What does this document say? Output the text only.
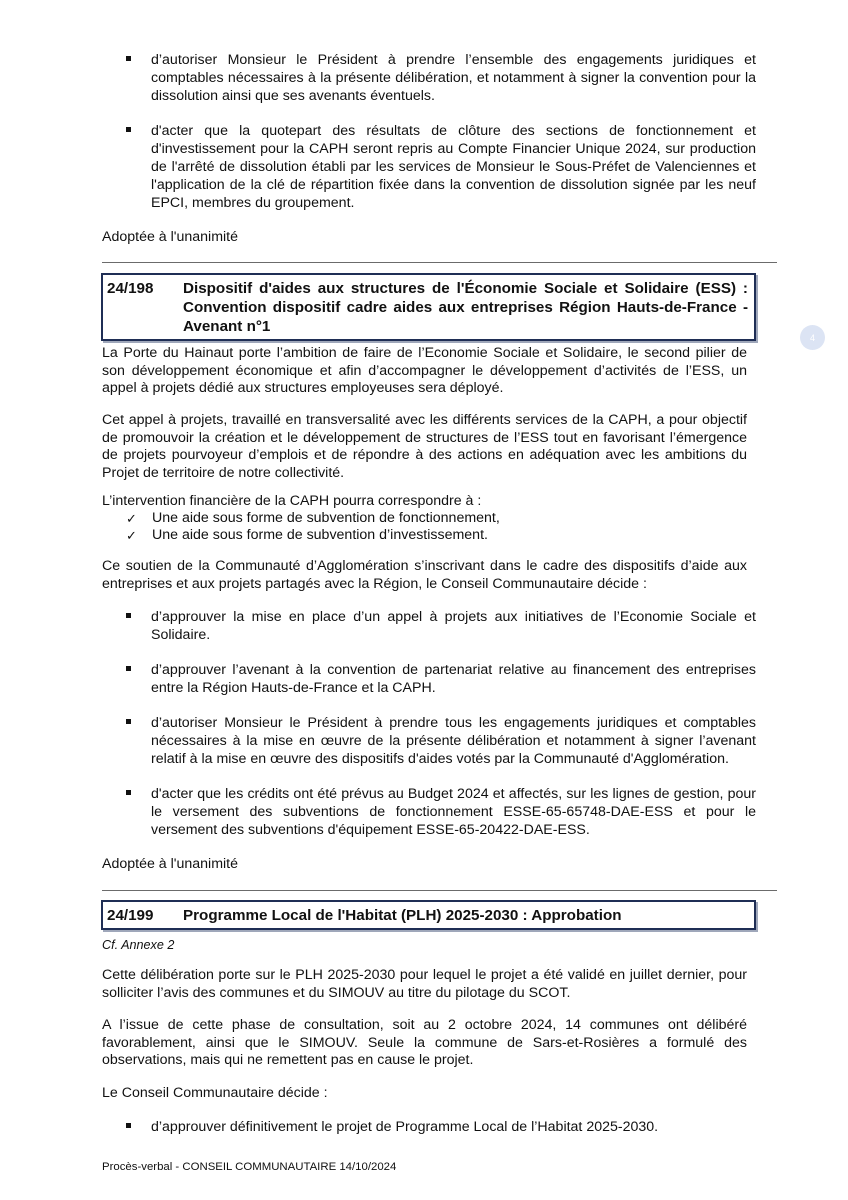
d’autoriser Monsieur le Président à prendre l’ensemble des engagements juridiques et comptables nécessaires à la présente délibération, et notamment à signer la convention pour la dissolution ainsi que ses avenants éventuels.
d'acter que la quotepart des résultats de clôture des sections de fonctionnement et d'investissement pour la CAPH seront repris au Compte Financier Unique 2024, sur production de l'arrêté de dissolution établi par les services de Monsieur le Sous-Préfet de Valenciennes et l'application de la clé de répartition fixée dans la convention de dissolution signée par les neuf EPCI, membres du groupement.

Adoptée à l'unanimité

24/198	Dispositif d'aides aux structures de l'Économie Sociale et Solidaire (ESS) : Convention dispositif cadre aides aux entreprises Région Hauts-de-France - Avenant n°1
4

La Porte du Hainaut porte l’ambition de faire de l’Economie Sociale et Solidaire, le second pilier de son développement économique et afin d’accompagner le développement d’activités de l’ESS, un appel à projets dédié aux structures employeuses sera déployé.

Cet appel à projets, travaillé en transversalité avec les différents services de la CAPH, a pour objectif de promouvoir la création et le développement de structures de l’ESS tout en favorisant l’émergence de projets pourvoyeur d’emplois et de répondre à des actions en adéquation avec les ambitions du Projet de territoire de notre collectivité.

L’intervention financière de la CAPH pourra correspondre à :

✓	Une aide sous forme de subvention de fonctionnement,
✓	Une aide sous forme de subvention d’investissement.

Ce soutien de la Communauté d’Agglomération s’inscrivant dans le cadre des dispositifs d’aide aux entreprises et aux projets partagés avec la Région, le Conseil Communautaire décide :

d’approuver la mise en place d’un appel à projets aux initiatives de l’Economie Sociale et Solidaire.
d’approuver l’avenant à la convention de partenariat relative au financement des entreprises entre la Région Hauts-de-France et la CAPH.
d’autoriser Monsieur le Président à prendre tous les engagements juridiques et comptables nécessaires à la mise en œuvre de la présente délibération et notamment à signer l’avenant relatif à la mise en œuvre des dispositifs d'aides votés par la Communauté d'Agglomération.
d'acter que les crédits ont été prévus au Budget 2024 et affectés, sur les lignes de gestion, pour le versement des subventions de fonctionnement ESSE-65-65748-DAE-ESS et pour le versement des subventions d'équipement ESSE-65-20422-DAE-ESS.

Adoptée à l'unanimité

24/199	Programme Local de l'Habitat (PLH) 2025-2030 : Approbation

Cf. Annexe 2

Cette délibération porte sur le PLH 2025-2030 pour lequel le projet a été validé en juillet dernier, pour solliciter l’avis des communes et du SIMOUV au titre du pilotage du SCOT.

A l’issue de cette phase de consultation, soit au 2 octobre 2024, 14 communes ont délibéré favorablement, ainsi que le SIMOUV. Seule la commune de Sars-et-Rosières a formulé des observations, mais qui ne remettent pas en cause le projet.

Le Conseil Communautaire décide :

d’approuver définitivement le projet de Programme Local de l’Habitat 2025-2030.
Procès-verbal - CONSEIL COMMUNAUTAIRE 14/10/2024
